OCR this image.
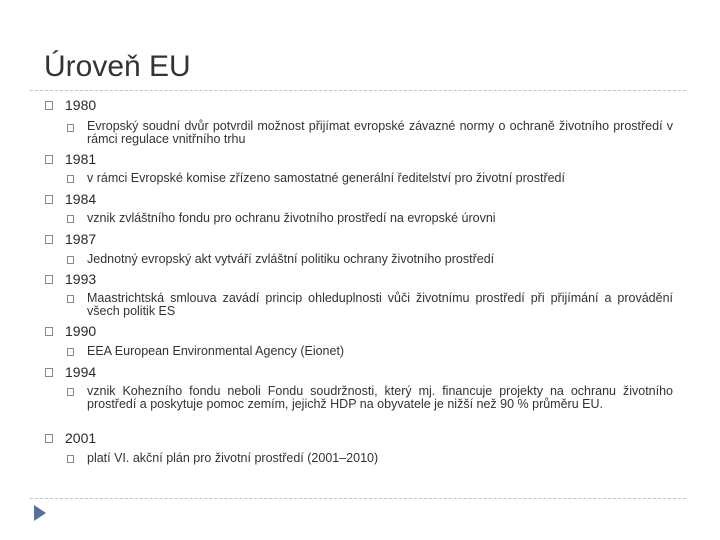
Úroveň EU
1980
Evropský soudní dvůr potvrdil možnost přijímat evropské závazné normy o ochraně životního prostředí v rámci regulace vnitřního trhu
1981
v rámci Evropské komise zřízeno samostatné generální ředitelství pro životní prostředí
1984
vznik zvláštního fondu pro ochranu životního prostředí na evropské úrovni
1987
Jednotný evropský akt vytváří zvláštní politiku ochrany životního prostředí
1993
Maastrichtská smlouva zavádí princip ohleduplnosti vůči životnímu prostředí při přijímání a provádění všech politik ES
1990
EEA European Environmental Agency (Eionet)
1994
vznik Kohezního fondu neboli Fondu soudržnosti, který mj. financuje projekty na ochranu životního prostředí a poskytuje pomoc zemím, jejichž HDP na obyvatele je nižší než 90 % průměru EU.
2001
platí VI. akční plán pro životní prostředí (2001–2010)
